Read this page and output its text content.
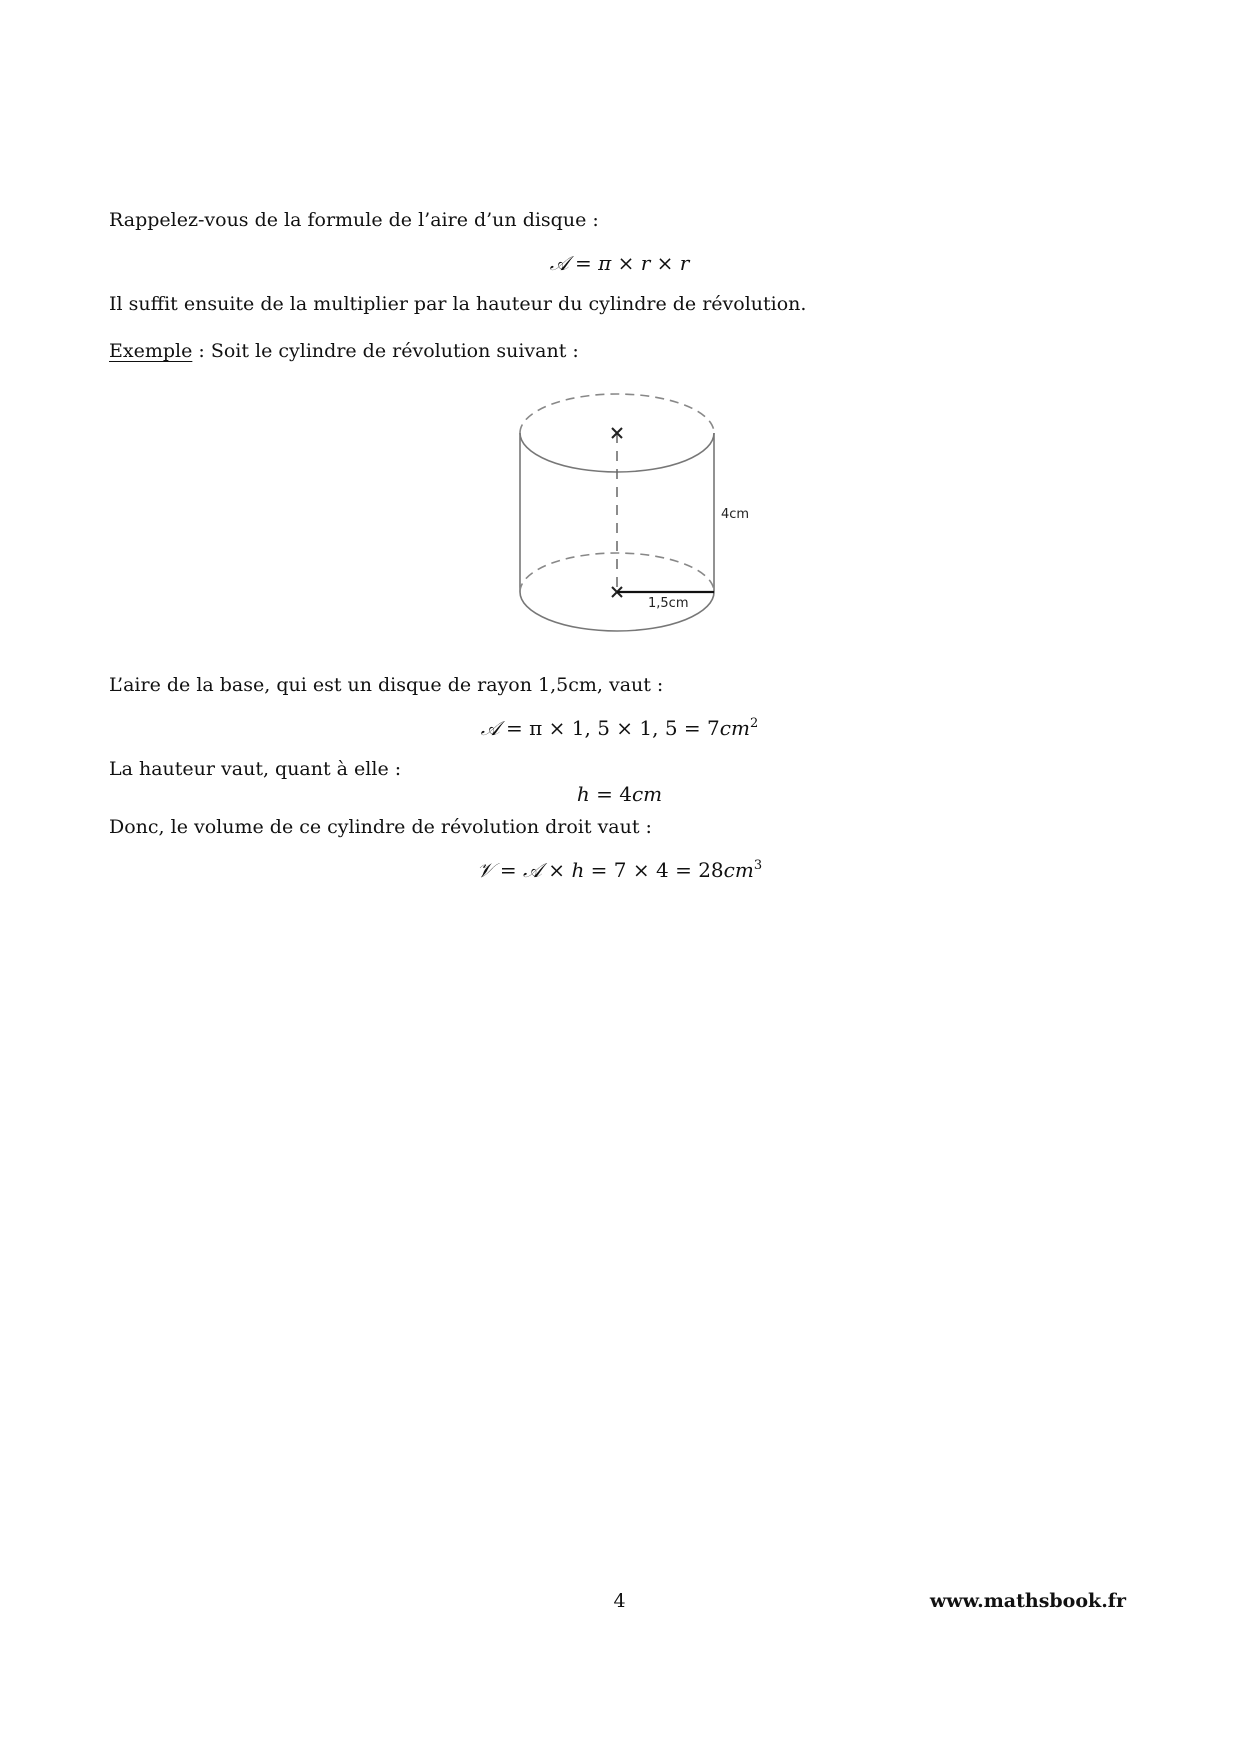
Rappelez-vous de la formule de l’aire d’un disque :
𝒜 = π × r × r
Il suffit ensuite de la multiplier par la hauteur du cylindre de révolution.
Exemple : Soit le cylindre de révolution suivant :
4cm
1,5cm
L’aire de la base, qui est un disque de rayon 1,5cm, vaut :
𝒜 = π × 1, 5 × 1, $5 = 7cm^2$
La hauteur vaut, quant à elle :
h = 4cm
Donc, le volume de ce cylindre de révolution droit vaut :
𝒱 = 𝒜 × $h = 7 \times 4 = 28cm^3$
4	www.mathsbook.fr
